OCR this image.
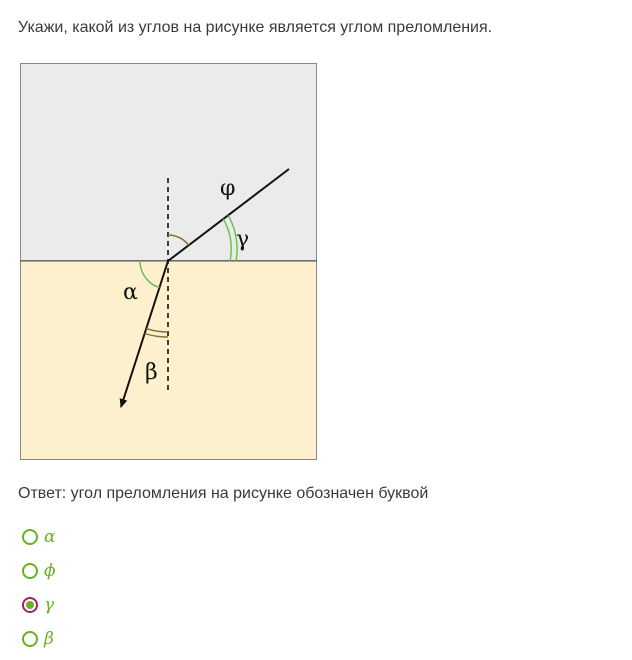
Укажи, какой из углов на рисунке является углом преломления.
φ
γ
α
β
Ответ: угол преломления на рисунке обозначен буквой
α
ϕ
γ
β
